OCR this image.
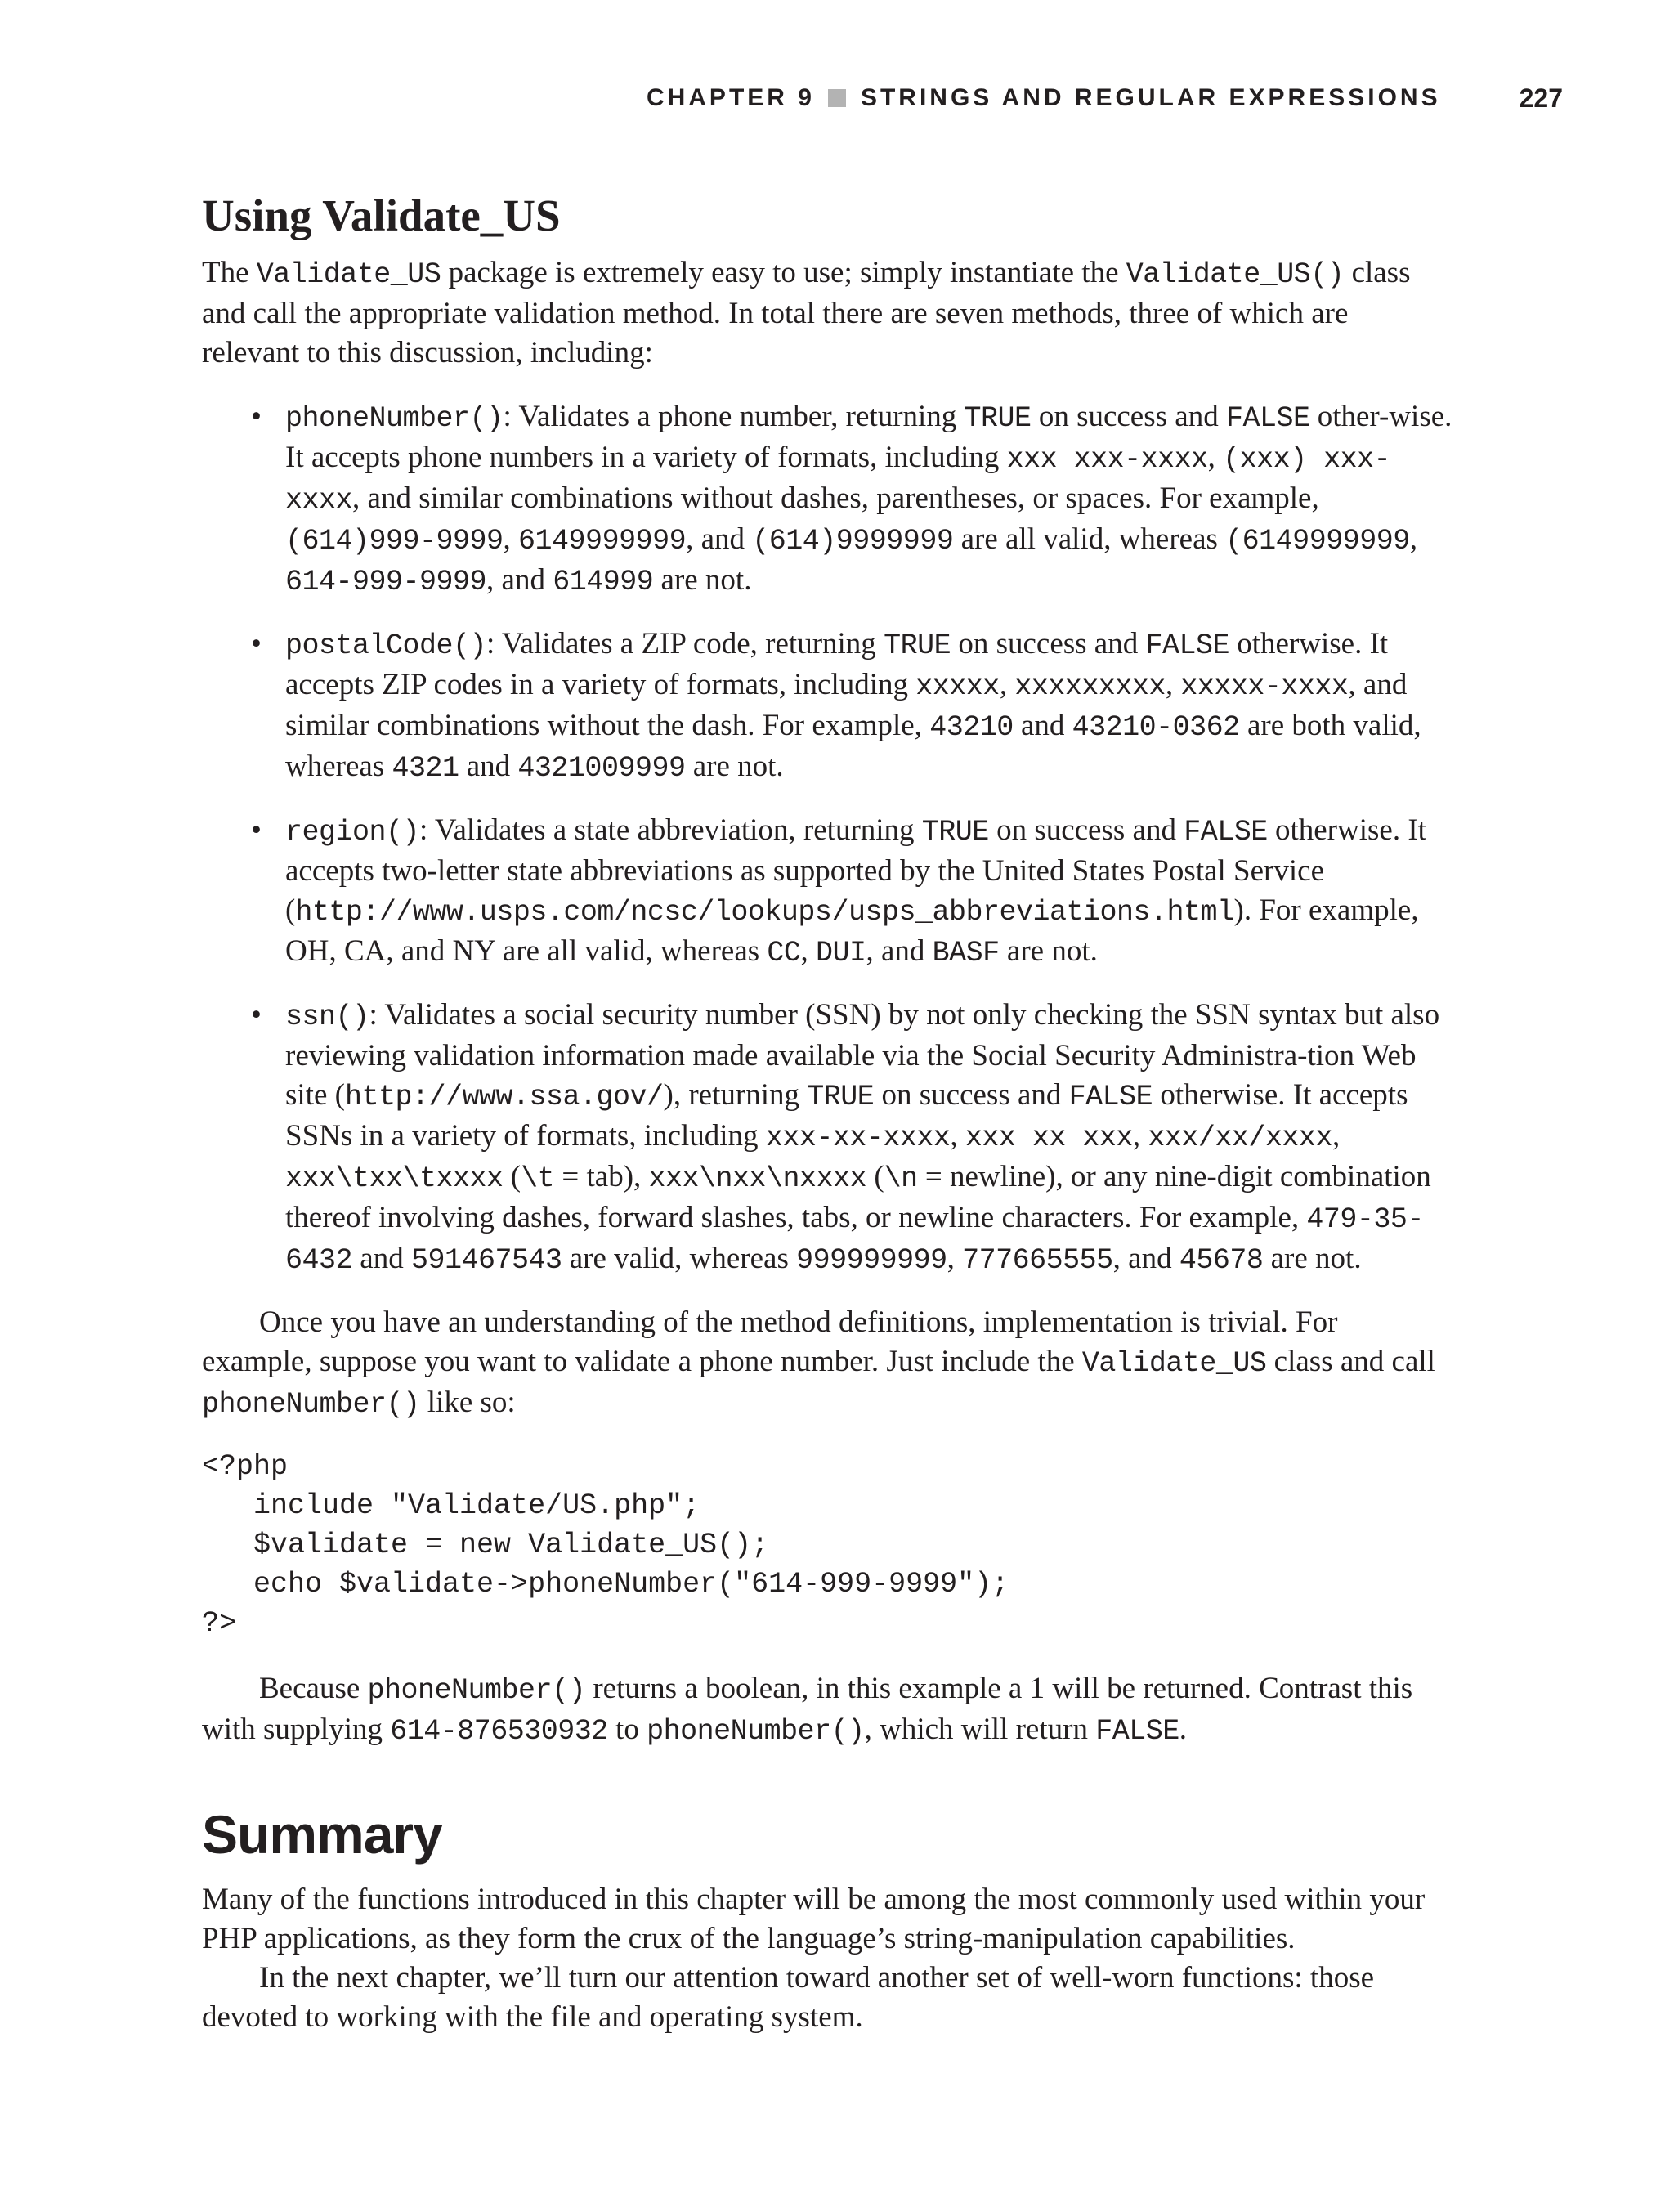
CHAPTER 9 STRINGS AND REGULAR EXPRESSIONS	227
Using Validate_US

The Validate_US package is extremely easy to use; simply instantiate the Validate_US() class and call the appropriate validation method. In total there are seven methods, three of which are relevant to this discussion, including:

• phoneNumber(): Validates a phone number, returning TRUE on success and FALSE other-wise. It accepts phone numbers in a variety of formats, including xxx xxx-xxxx, (xxx) xxx-xxxx, and similar combinations without dashes, parentheses, or spaces. For example, (614)999-9999, 6149999999, and (614)9999999 are all valid, whereas (6149999999, 614-999-9999, and 614999 are not.
• postalCode(): Validates a ZIP code, returning TRUE on success and FALSE otherwise. It accepts ZIP codes in a variety of formats, including xxxxx, xxxxxxxxx, xxxxx-xxxx, and similar combinations without the dash. For example, 43210 and 43210-0362 are both valid, whereas 4321 and 4321009999 are not.
• region(): Validates a state abbreviation, returning TRUE on success and FALSE otherwise. It accepts two-letter state abbreviations as supported by the United States Postal Service (http://www.usps.com/ncsc/lookups/usps_abbreviations.html). For example, OH, CA, and NY are all valid, whereas CC, DUI, and BASF are not.
• ssn(): Validates a social security number (SSN) by not only checking the SSN syntax but also reviewing validation information made available via the Social Security Administra-tion Web site (http://www.ssa.gov/), returning TRUE on success and FALSE otherwise. It accepts SSNs in a variety of formats, including xxx-xx-xxxx, xxx xx xxx, xxx/xx/xxxx, xxx\txx\txxxx (\t = tab), xxx\nxx\nxxxx (\n = newline), or any nine-digit combination thereof involving dashes, forward slashes, tabs, or newline characters. For example, 479-35-6432 and 591467543 are valid, whereas 999999999, 777665555, and 45678 are not.

Once you have an understanding of the method definitions, implementation is trivial. For example, suppose you want to validate a phone number. Just include the Validate_US class and call phoneNumber() like so:

<?php
include "Validate/US.php";
$validate = new Validate_US();
echo $validate->phoneNumber("614-999-9999");
?>

Because phoneNumber() returns a boolean, in this example a 1 will be returned. Contrast this with supplying 614-876530932 to phoneNumber(), which will return FALSE.

Summary

Many of the functions introduced in this chapter will be among the most commonly used within your PHP applications, as they form the crux of the language’s string-manipulation capabilities.

In the next chapter, we’ll turn our attention toward another set of well-worn functions: those devoted to working with the file and operating system.
